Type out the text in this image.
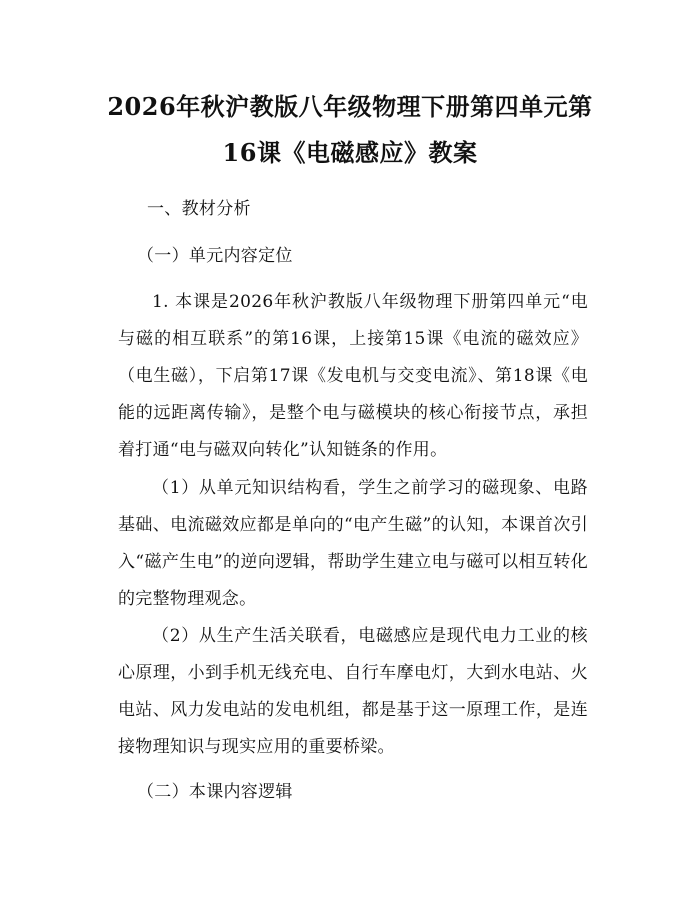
2026年秋沪教版八年级物理下册第四单元第
16课《电磁感应》教案
一、教材分析
（一）单元内容定位

1. 本课是2026年秋沪教版八年级物理下册第四单元“电与磁的相互联系”的第16课，上接第15课《电流的磁效应》（电生磁），下启第17课《发电机与交变电流》、第18课《电能的远距离传输》，是整个电与磁模块的核心衔接节点，承担着打通“电与磁双向转化”认知链条的作用。

（1）从单元知识结构看，学生之前学习的磁现象、电路基础、电流磁效应都是单向的“电产生磁”的认知，本课首次引入“磁产生电”的逆向逻辑，帮助学生建立电与磁可以相互转化的完整物理观念。

（2）从生产生活关联看，电磁感应是现代电力工业的核心原理，小到手机无线充电、自行车摩电灯，大到水电站、火电站、风力发电站的发电机组，都是基于这一原理工作，是连接物理知识与现实应用的重要桥梁。

（二）本课内容逻辑
